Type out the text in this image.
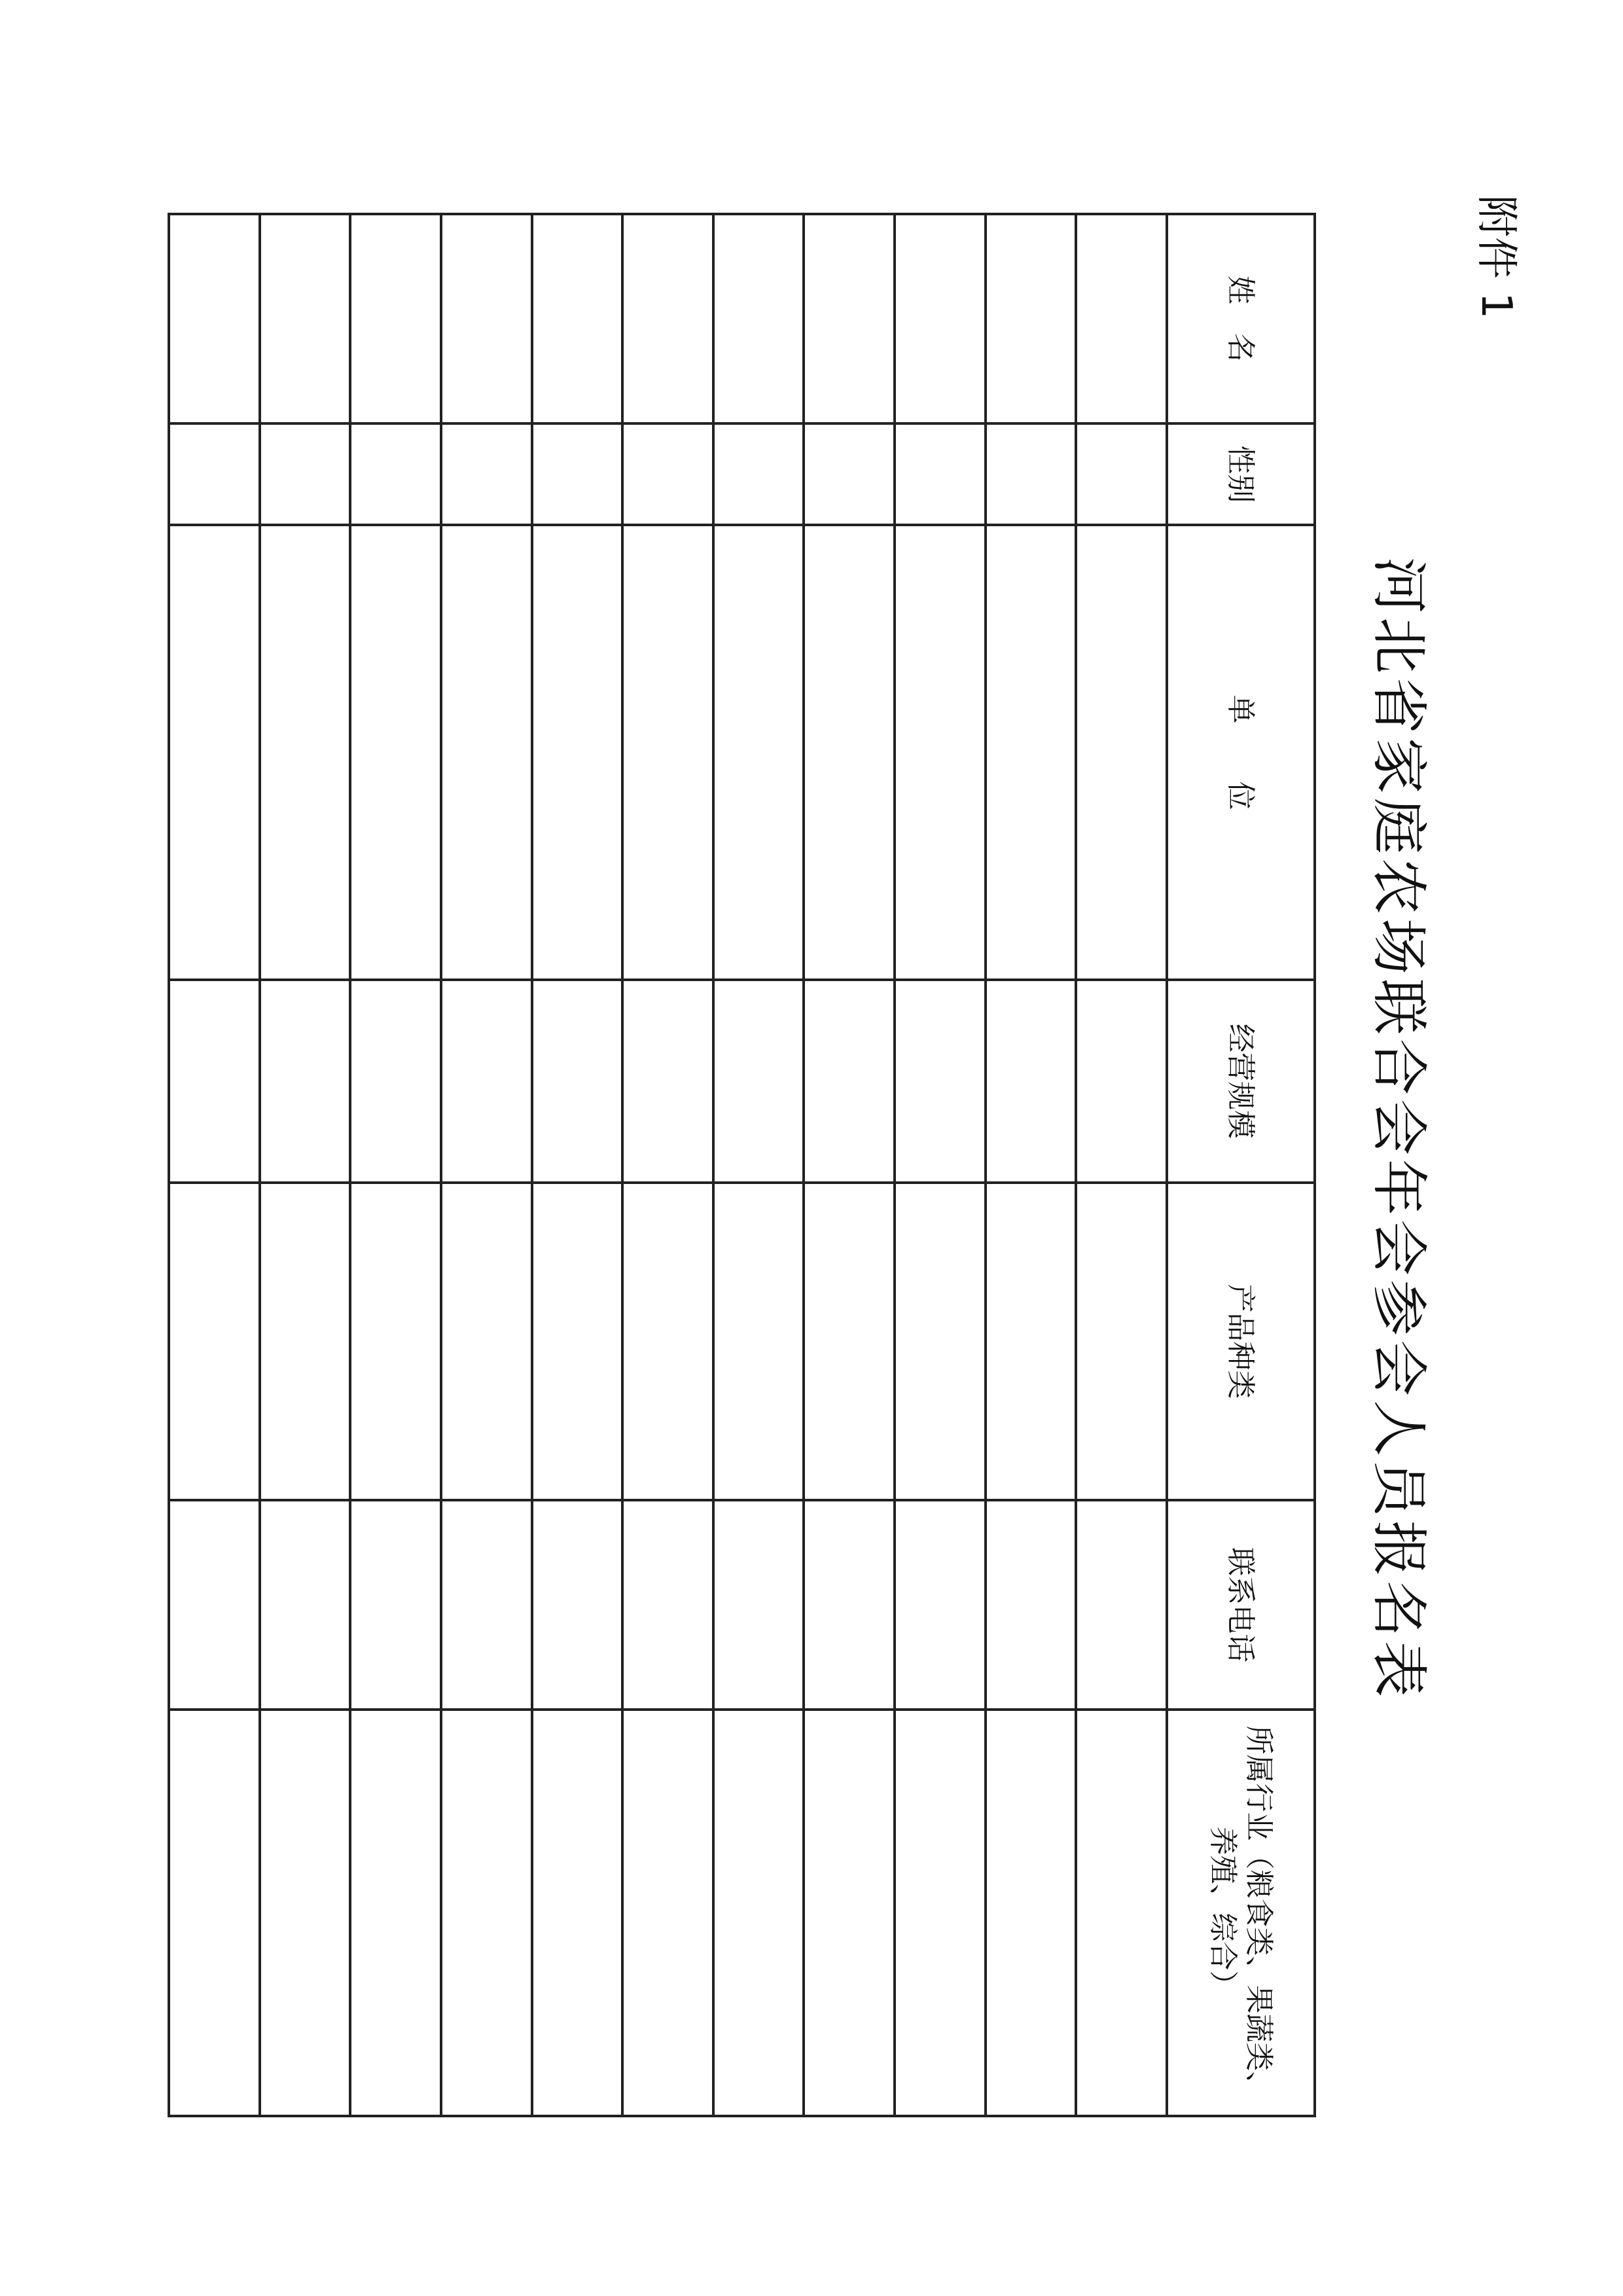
附件 1
河北省家庭农场联合会年会参会人员报名表
姓　名	性别	单　　位	经营规模	产品种类	联系电话	所属行业（粮食类、果蔬类、养殖、综合）
